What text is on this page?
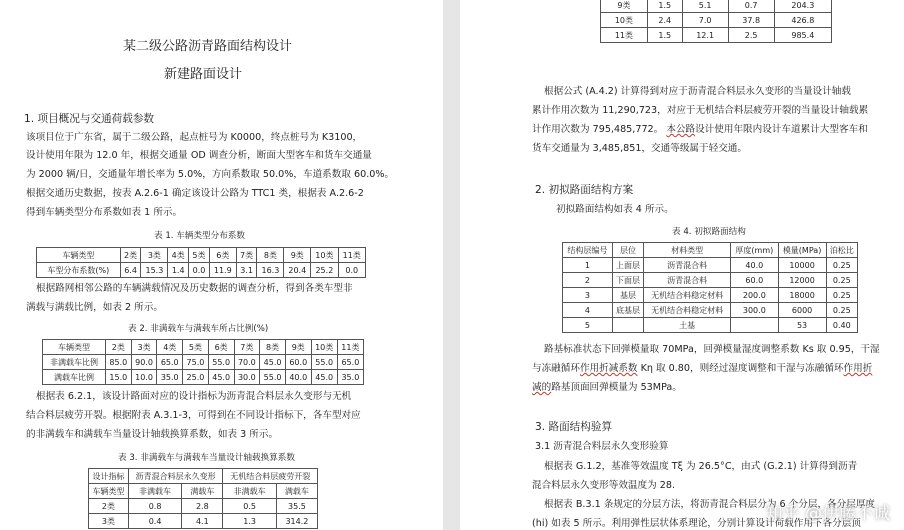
某二级公路沥青路面结构设计
新建路面设计
1. 项目概况与交通荷载参数
该项目位于广东省，属于二级公路，起点桩号为 K0000，终点桩号为 K3100，
设计使用年限为 12.0 年，根据交通量 OD 调查分析，断面大型客车和货车交通量
为 2000 辆/日，交通量年增长率为 5.0%，方向系数取 50.0%，车道系数取 60.0%。
根据交通历史数据，按表 A.2.6-1 确定该设计公路为 TTC1 类，根据表 A.2.6-2
得到车辆类型分布系数如表 1 所示。
表 1. 车辆类型分布系数
车辆类型	2类	3类	4类	5类	6类	7类	8类	9类	10类	11类
车型分布系数(%)	6.4	15.3	1.4	0.0	11.9	3.1	16.3	20.4	25.2	0.0
根据路网相邻公路的车辆满载情况及历史数据的调查分析，得到各类车型非
满载与满载比例，如表 2 所示。
表 2. 非满载车与满载车所占比例(%)
车辆类型	2类	3类	4类	5类	6类	7类	8类	9类	10类	11类
非满载车比例	85.0	90.0	65.0	75.0	55.0	70.0	45.0	60.0	55.0	65.0
满载车比例	15.0	10.0	35.0	25.0	45.0	30.0	55.0	40.0	45.0	35.0
根据表 6.2.1，该设计路面对应的设计指标为沥青混合料层永久变形与无机
结合料层疲劳开裂。根据附表 A.3.1-3，可得到在不同设计指标下，各车型对应
的非满载车和满载车当量设计轴载换算系数，如表 3 所示。
表 3. 非满载车与满载车当量设计轴载换算系数
设计指标	沥青混合料层永久变形		无机结合料层疲劳开裂	
车辆类型	非满载车	满载车	非满载车	满载车
2类	0.8	2.8	0.5	35.5
3类	0.4	4.1	1.3	314.2
9类	1.5	5.1	0.7	204.3
10类	2.4	7.0	37.8	426.8
11类	1.5	12.1	2.5	985.4
根据公式 (A.4.2) 计算得到对应于沥青混合料层永久变形的当量设计轴载
累计作用次数为 11,290,723，对应于无机结合料层疲劳开裂的当量设计轴载累
计作用次数为 795,485,772。 本公路设计使用年限内设计车道累计大型客车和
货车交通量为 3,485,851，交通等级属于轻交通。
2. 初拟路面结构方案
初拟路面结构如表 4 所示。
表 4. 初拟路面结构
结构层编号	层位	材料类型	厚度(mm)	模量(MPa)	泊松比
1	上面层	沥青混合料	40.0	10000	0.25
2	下面层	沥青混合料	60.0	12000	0.25
3	基层	无机结合料稳定材料	200.0	18000	0.25
4	底基层	无机结合料稳定材料	300.0	6000	0.25
5		土基		53	0.40
路基标准状态下回弹模量取 70MPa，回弹模量湿度调整系数 Ks 取 0.95，干湿
与冻融循环作用折减系数 Kη 取 0.80，则经过湿度调整和干湿与冻融循环作用折
减的路基顶面回弹模量为 53MPa。
3. 路面结构验算
3.1 沥青混合料层永久变形验算
根据表 G.1.2，基准等效温度 Tξ 为 26.5°C，由式 (G.2.1) 计算得到沥青
混合料层永久变形等效温度为 28.
根据表 B.3.1 条规定的分层方法，将沥青混合料层分为 6 个分层，各分层厚度
(hi) 如表 5 所示。利用弹性层状体系理论，分别计算设计荷载作用下各分层顶
知乎 @伊藤不诚
